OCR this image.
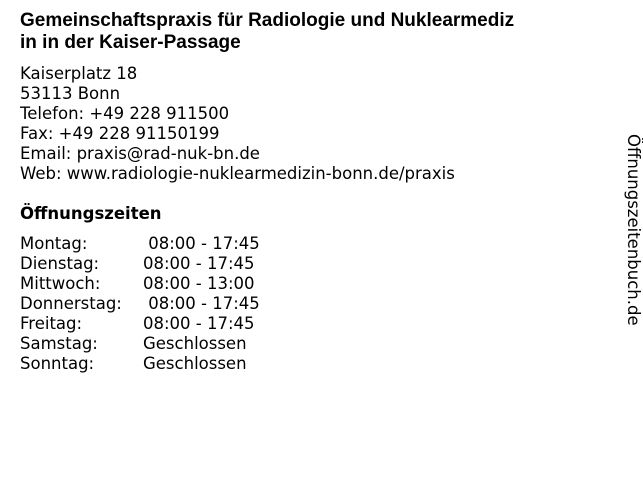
Gemeinschaftspraxis für Radiologie und Nuklearmediz
in in der Kaiser-Passage
Kaiserplatz 18
53113 Bonn
Telefon: +49 228 911500
Fax: +49 228 91150199
Email: praxis@rad-nuk-bn.de
Web: www.radiologie-nuklearmedizin-bonn.de/praxis
Öffnungszeiten
Montag:	08:00 - 17:45
Dienstag:	08:00 - 17:45
Mittwoch:	08:00 - 13:00
Donnerstag:	08:00 - 17:45
Freitag:	08:00 - 17:45
Samstag:	Geschlossen
Sonntag:	Geschlossen
Öffnungszeitenbuch.de
